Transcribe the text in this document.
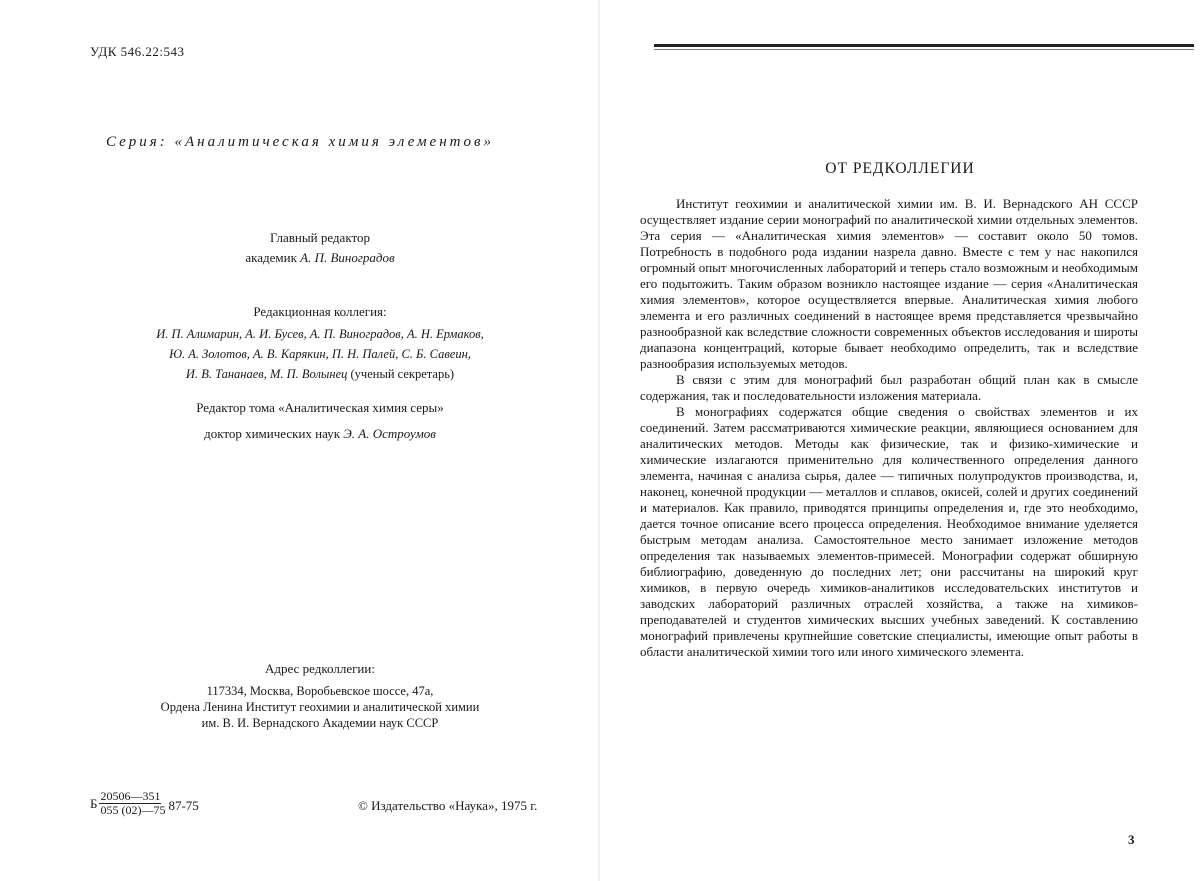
УДК 546.22:543
Серия: «Аналитическая химия элементов»
Главный редактор
академик А. П. Виноградов
Редакционная коллегия:
И. П. Алимарин, А. И. Бусев, А. П. Виноградов, А. Н. Ермаков,
Ю. А. Золотов, А. В. Карякин, П. Н. Палей, С. Б. Савеин,
И. В. Тананаев, М. П. Волынец (ученый секретарь)
Редактор тома «Аналитическая химия серы»
доктор химических наук Э. А. Остроумов
Адрес редколлегии:
117334, Москва, Воробьевское шоссе, 47а,
Ордена Ленина Институт геохимии и аналитической химии
им. В. И. Вернадского Академии наук СССР
Б $\frac{20506—351}{055 (02)—75} 87-75$	© Издательство «Наука», 1975 г.
ОТ РЕДКОЛЛЕГИИ

Институт геохимии и аналитической химии им. В. И. Вернадского АН СССР осуществляет издание серии монографий по аналитической химии отдельных элементов. Эта серия — «Аналитическая химия элементов» — составит около 50 томов. Потребность в подобного рода издании назрела давно. Вместе с тем у нас накопился огромный опыт многочисленных лабораторий и теперь стало возможным и необходимым его подытожить. Таким образом возникло настоящее издание — серия «Аналитическая химия элементов», которое осуществляется впервые. Аналитическая химия любого элемента и его различных соединений в настоящее время представляется чрезвычайно разнообразной как вследствие сложности современных объектов исследования и широты диапазона концентраций, которые бывает необходимо определить, так и вследствие разнообразия используемых методов.

В связи с этим для монографий был разработан общий план как в смысле содержания, так и последовательности изложения материала.

В монографиях содержатся общие сведения о свойствах элементов и их соединений. Затем рассматриваются химические реакции, являющиеся основанием для аналитических методов. Методы как физические, так и физико-химические и химические излагаются применительно для количественного определения данного элемента, начиная с анализа сырья, далее — типичных полупродуктов производства, и, наконец, конечной продукции — металлов и сплавов, окисей, солей и других соединений и материалов. Как правило, приводятся принципы определения и, где это необходимо, дается точное описание всего процесса определения. Необходимое внимание уделяется быстрым методам анализа. Самостоятельное место занимает изложение методов определения так называемых элементов-примесей. Монографии содержат обширную библиографию, доведенную до последних лет; они рассчитаны на широкий круг химиков, в первую очередь химиков-аналитиков исследовательских институтов и заводских лабораторий различных отраслей хозяйства, а также на химиков-преподавателей и студентов химических высших учебных заведений. К составлению монографий привлечены крупнейшие советские специалисты, имеющие опыт работы в области аналитической химии того или иного химического элемента.

3
